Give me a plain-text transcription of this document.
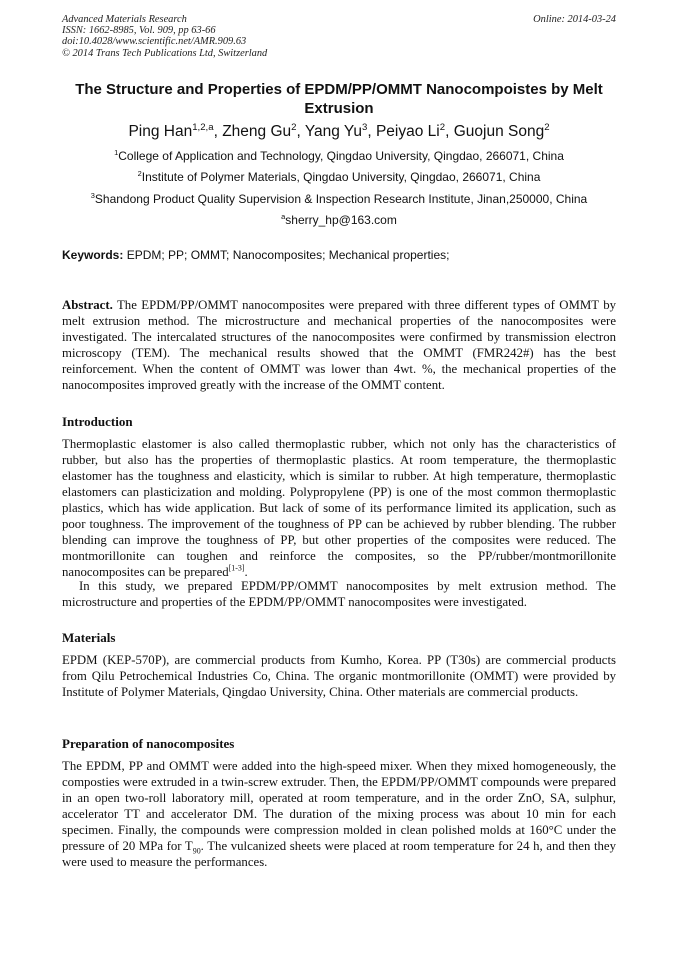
Advanced Materials Research
ISSN: 1662-8985, Vol. 909, pp 63-66
doi:10.4028/www.scientific.net/AMR.909.63
© 2014 Trans Tech Publications Ltd, Switzerland
Online: 2014-03-24
The Structure and Properties of EPDM/PP/OMMT Nanocompoistes by Melt Extrusion
Ping Han$^{1,2,a}$, Zheng Gu$^2$, Yang Yu$^3$, Peiyao Li$^2$, Guojun Song$^2$
$^1$College of Application and Technology, Qingdao University, Qingdao, 266071, China
$^2$Institute of Polymer Materials, Qingdao University, Qingdao, 266071, China
$^3$Shandong Product Quality Supervision & Inspection Research Institute, Jinan,250000, China
$^a$sherry_hp@163.com
Keywords: EPDM; PP; OMMT; Nanocomposites; Mechanical properties;
Abstract. The EPDM/PP/OMMT nanocomposites were prepared with three different types of OMMT by melt extrusion method. The microstructure and mechanical properties of the nanocomposites were investigated. The intercalated structures of the nanocomposites were confirmed by transmission electron microscopy (TEM). The mechanical results showed that the OMMT (FMR242#) has the best reinforcement. When the content of OMMT was lower than 4wt. %, the mechanical properties of the nanocomposites improved greatly with the increase of the OMMT content.
Introduction
Thermoplastic elastomer is also called thermoplastic rubber, which not only has the characteristics of rubber, but also has the properties of thermoplastic plastics. At room temperature, the thermoplastic elastomer has the toughness and elasticity, which is similar to rubber. At high temperature, thermoplastic elastomers can plasticization and molding. Polypropylene (PP) is one of the most common thermoplastic plastics, which has wide application. But lack of some of its performance limited its application, such as poor toughness. The improvement of the toughness of PP can be achieved by rubber blending. The rubber blending can improve the toughness of PP, but other properties of the composites were reduced. The montmorillonite can toughen and reinforce the composites, so the PP/rubber/montmorillonite nanocomposites can be prepared[1-3].
In this study, we prepared EPDM/PP/OMMT nanocomposites by melt extrusion method. The microstructure and properties of the EPDM/PP/OMMT nanocomposites were investigated.
Materials
EPDM (KEP-570P), are commercial products from Kumho, Korea. PP (T30s) are commercial products from Qilu Petrochemical Industries Co, China. The organic montmorillonite (OMMT) were provided by Institute of Polymer Materials, Qingdao University, China. Other materials are commercial products.
Preparation of nanocomposites
The EPDM, PP and OMMT were added into the high-speed mixer. When they mixed homogeneously, the composties were extruded in a twin-screw extruder. Then, the EPDM/PP/OMMT compounds were prepared in an open two-roll laboratory mill, operated at room temperature, and in the order ZnO, SA, sulphur, accelerator TT and accelerator DM. The duration of the mixing process was about 10 min for each specimen. Finally, the compounds were compression molded in clean polished molds at 160°C under the pressure of 20 MPa for $T_{90}$. The vulcanized sheets were placed at room temperature for 24 h, and then they were used to measure the performances.
